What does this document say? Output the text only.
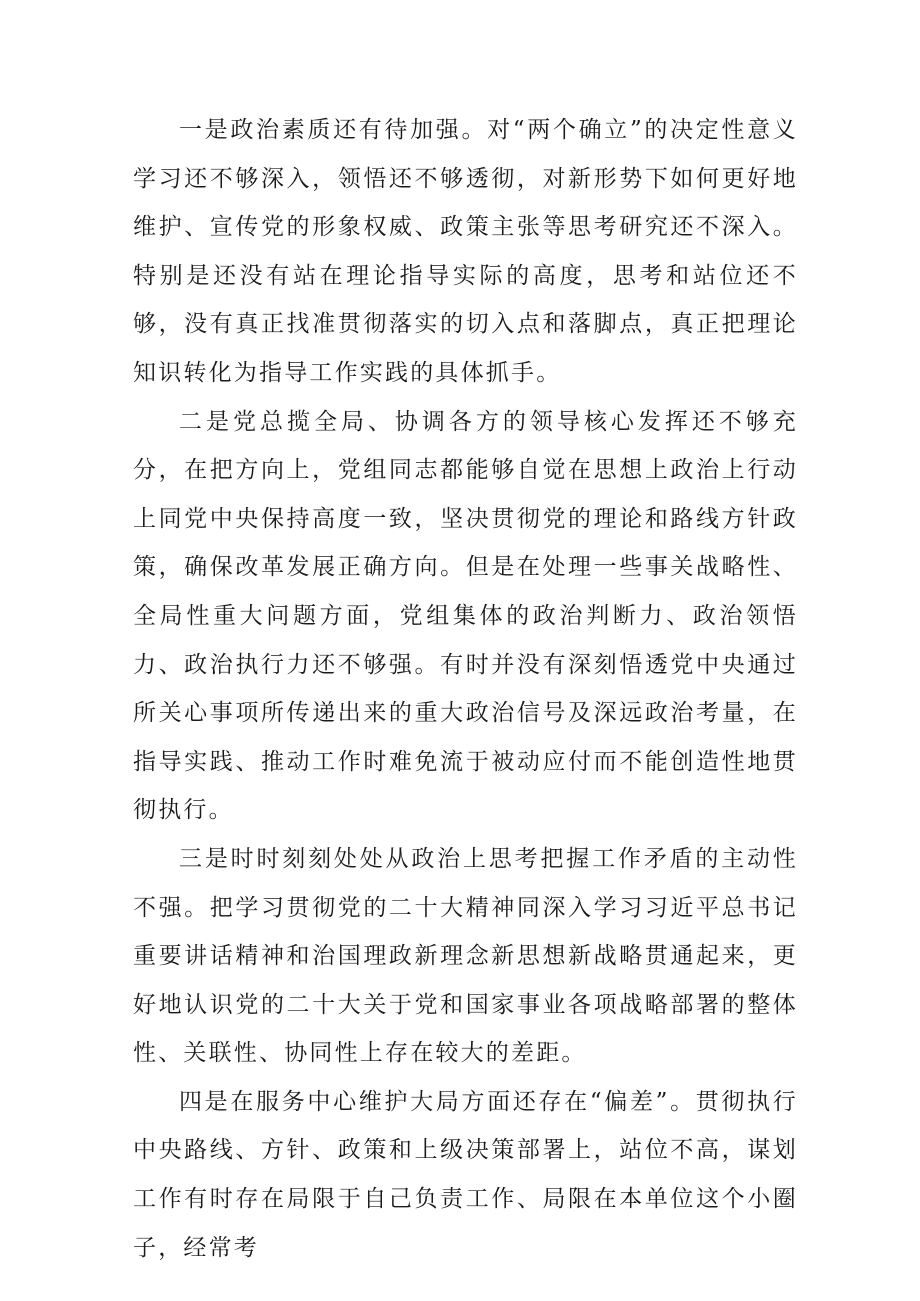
一是政治素质还有待加强。对“两个确立”的决定性意义学习还不够深入，领悟还不够透彻，对新形势下如何更好地维护、宣传党的形象权威、政策主张等思考研究还不深入。特别是还没有站在理论指导实际的高度，思考和站位还不够，没有真正找准贯彻落实的切入点和落脚点，真正把理论知识转化为指导工作实践的具体抓手。

二是党总揽全局、协调各方的领导核心发挥还不够充分，在把方向上，党组同志都能够自觉在思想上政治上行动上同党中央保持高度一致，坚决贯彻党的理论和路线方针政策，确保改革发展正确方向。但是在处理一些事关战略性、全局性重大问题方面，党组集体的政治判断力、政治领悟力、政治执行力还不够强。有时并没有深刻悟透党中央通过所关心事项所传递出来的重大政治信号及深远政治考量，在指导实践、推动工作时难免流于被动应付而不能创造性地贯彻执行。

三是时时刻刻处处从政治上思考把握工作矛盾的主动性不强。把学习贯彻党的二十大精神同深入学习习近平总书记重要讲话精神和治国理政新理念新思想新战略贯通起来，更好地认识党的二十大关于党和国家事业各项战略部署的整体性、关联性、协同性上存在较大的差距。

四是在服务中心维护大局方面还存在“偏差”。贯彻执行中央路线、方针、政策和上级决策部署上，站位不高，谋划工作有时存在局限于自己负责工作、局限在本单位这个小圈子，经常考
